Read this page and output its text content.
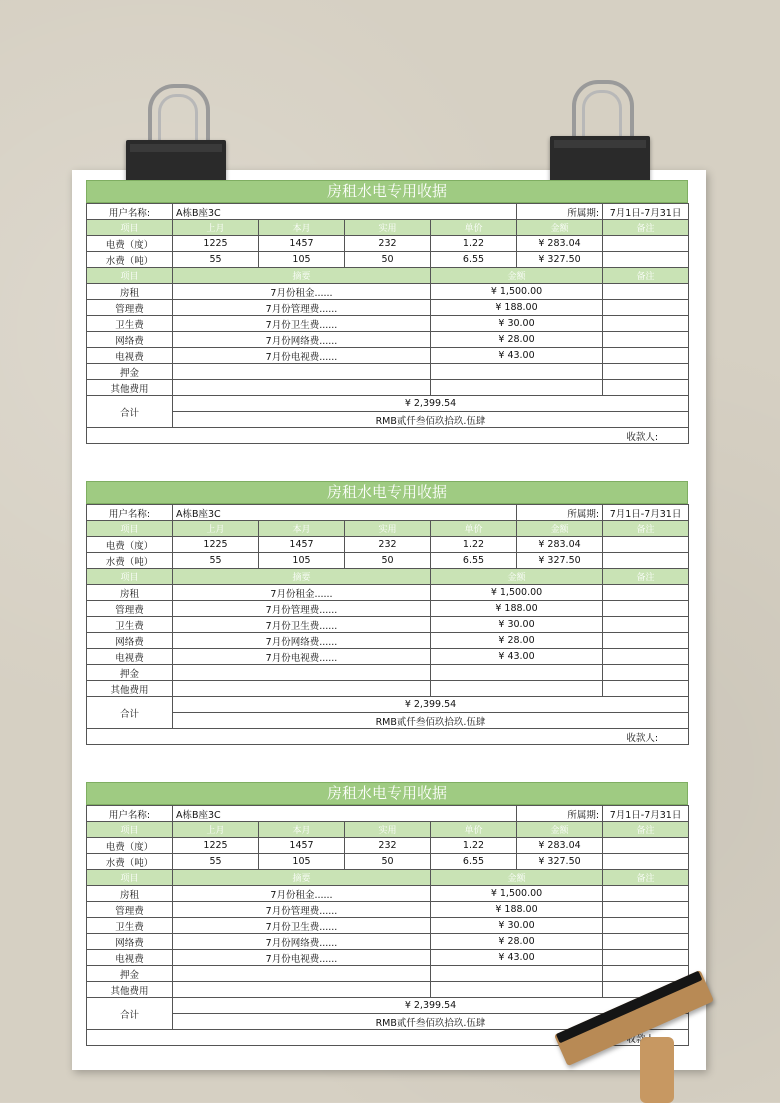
房租水电专用收据
用户名称:	A栋B座3C				所属期:	7月1日-7月31日
项目	上月	本月	实用	单价	金额	备注
电费（度）	1225	1457	232	1.22	¥ 283.04	
水费（吨）	55	105	50	6.55	¥ 327.50	
项目	摘要			金额		备注
房租	7月份租金......			¥ 1,500.00		
管理费	7月份管理费......			¥ 188.00		
卫生费	7月份卫生费......			¥ 30.00		
网络费	7月份网络费......			¥ 28.00		
电视费	7月份电视费......			¥ 43.00		
押金						
其他费用						
合计	¥ 2,399.54					
	RMB贰仟叁佰玖拾玖.伍肆					
收款人:						
房租水电专用收据
用户名称:	A栋B座3C				所属期:	7月1日-7月31日
项目	上月	本月	实用	单价	金额	备注
电费（度）	1225	1457	232	1.22	¥ 283.04	
水费（吨）	55	105	50	6.55	¥ 327.50	
项目	摘要			金额		备注
房租	7月份租金......			¥ 1,500.00		
管理费	7月份管理费......			¥ 188.00		
卫生费	7月份卫生费......			¥ 30.00		
网络费	7月份网络费......			¥ 28.00		
电视费	7月份电视费......			¥ 43.00		
押金						
其他费用						
合计	¥ 2,399.54					
	RMB贰仟叁佰玖拾玖.伍肆					
收款人:						
房租水电专用收据
用户名称:	A栋B座3C				所属期:	7月1日-7月31日
项目	上月	本月	实用	单价	金额	备注
电费（度）	1225	1457	232	1.22	¥ 283.04	
水费（吨）	55	105	50	6.55	¥ 327.50	
项目	摘要			金额		备注
房租	7月份租金......			¥ 1,500.00		
管理费	7月份管理费......			¥ 188.00		
卫生费	7月份卫生费......			¥ 30.00		
网络费	7月份网络费......			¥ 28.00		
电视费	7月份电视费......			¥ 43.00		
押金						
其他费用						
合计	¥ 2,399.54					
	RMB贰仟叁佰玖拾玖.伍肆					
